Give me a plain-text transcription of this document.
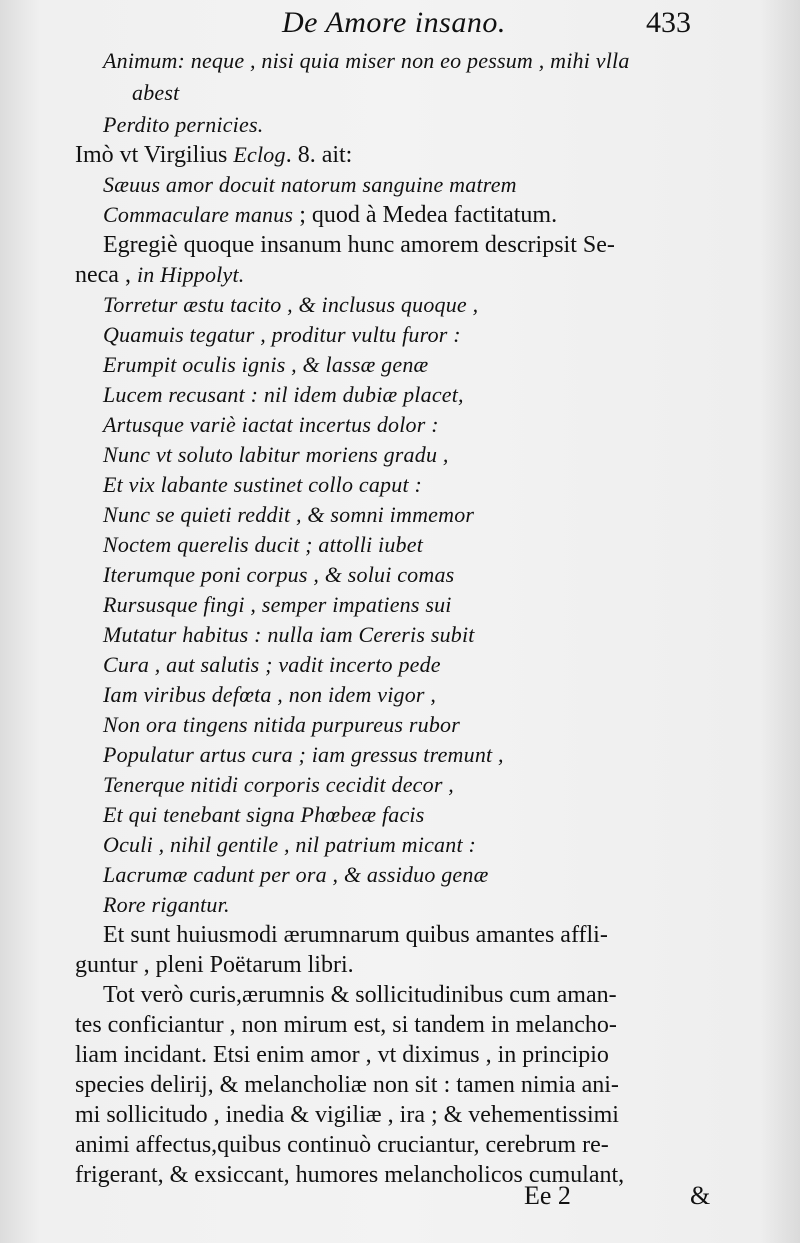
De Amore insano.	433
Animum: neque , nisi quia miser non eo pessum , mihi vlla
abest
Perdito pernicies.
Imò vt Virgilius Eclog. 8. ait:
Sæuus amor docuit natorum sanguine matrem
Commaculare manus ; quod à Medea factitatum.
Egregiè quoque insanum hunc amorem descripsit Se-
neca , in Hippolyt.
Torretur æstu tacito , & inclusus quoque ,
Quamuis tegatur , proditur vultu furor :
Erumpit oculis ignis , & lassæ genæ
Lucem recusant : nil idem dubiæ placet,
Artusque variè iactat incertus dolor :
Nunc vt soluto labitur moriens gradu ,
Et vix labante sustinet collo caput :
Nunc se quieti reddit , & somni immemor
Noctem querelis ducit ; attolli iubet
Iterumque poni corpus , & solui comas
Rursusque fingi , semper impatiens sui
Mutatur habitus : nulla iam Cereris subit
Cura , aut salutis ; vadit incerto pede
Iam viribus defœta , non idem vigor ,
Non ora tingens nitida purpureus rubor
Populatur artus cura ; iam gressus tremunt ,
Tenerque nitidi corporis cecidit decor ,
Et qui tenebant signa Phœbeæ facis
Oculi , nihil gentile , nil patrium micant :
Lacrumæ cadunt per ora , & assiduo genæ
Rore rigantur.
Et sunt huiusmodi ærumnarum quibus amantes affli-
guntur , pleni Poëtarum libri.
Tot verò curis,ærumnis & sollicitudinibus cum aman-
tes conficiantur , non mirum est, si tandem in melancho-
liam incidant. Etsi enim amor , vt diximus , in principio
species delirij, & melancholiæ non sit : tamen nimia ani-
mi sollicitudo , inedia & vigiliæ , ira ; & vehementissimi
animi affectus,quibus continuò cruciantur, cerebrum re-
frigerant, & exsiccant, humores melancholicos cumulant,
Ee 2	&
